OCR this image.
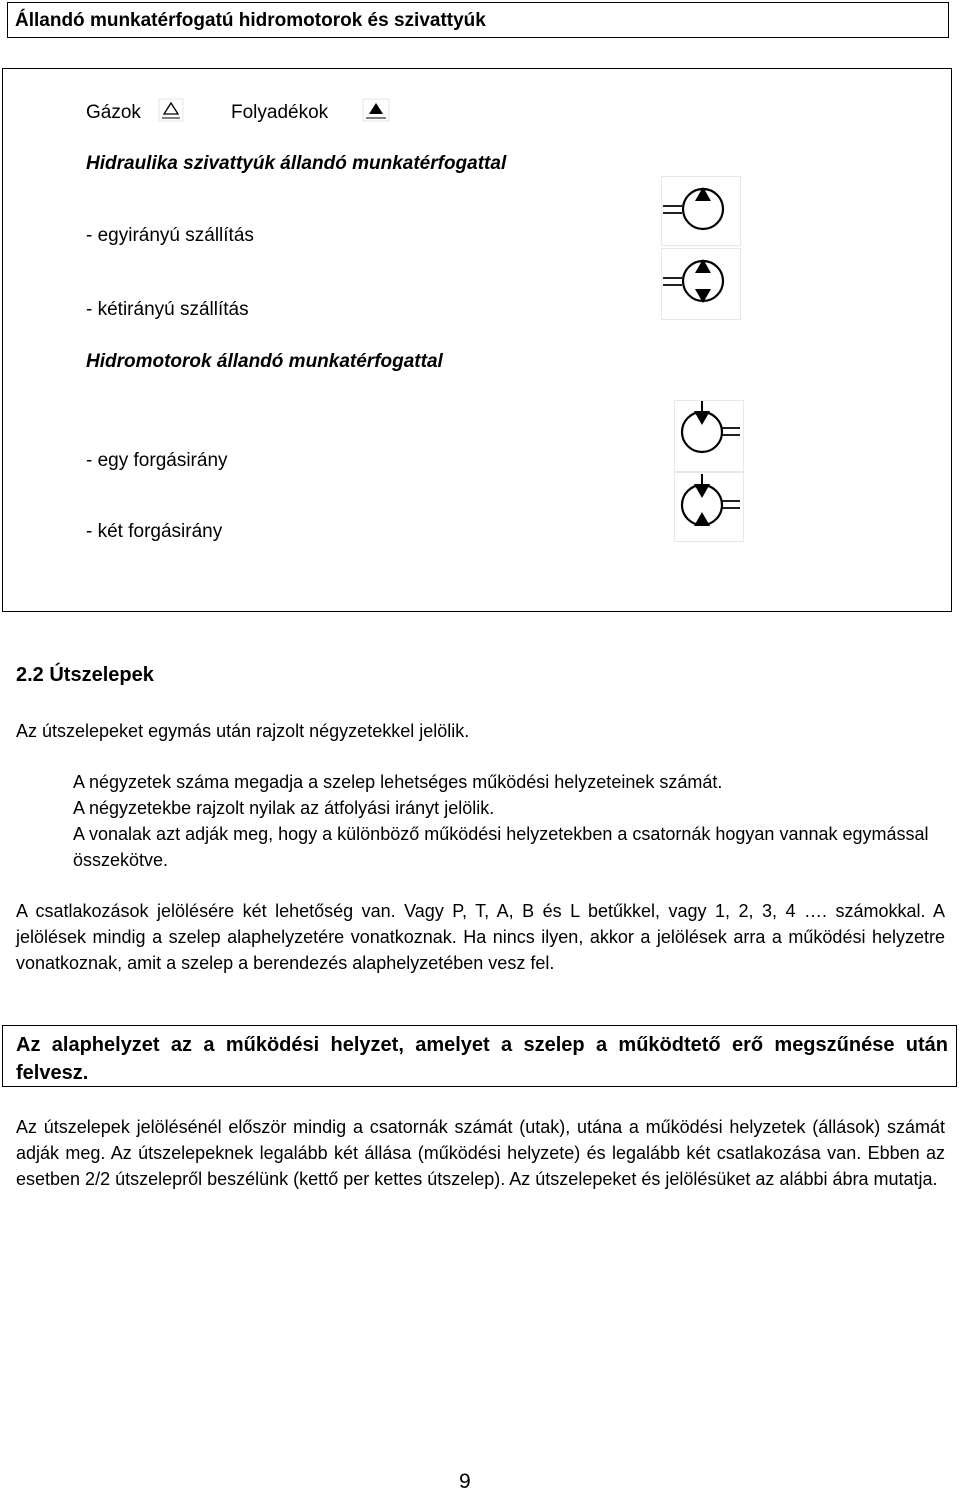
Állandó munkatérfogatú hidromotorok és szivattyúk
Gázok	Folyadékok
Hidraulika szivattyúk állandó munkatérfogattal
- egyirányú szállítás
- kétirányú szállítás
Hidromotorok állandó munkatérfogattal
- egy forgásirány
- két forgásirány
2.2 Útszelepek
Az útszelepeket egymás után rajzolt négyzetekkel jelölik.
A négyzetek száma megadja a szelep lehetséges működési helyzeteinek számát.
A négyzetekbe rajzolt nyilak az átfolyási irányt jelölik.
A vonalak azt adják meg, hogy a különböző működési helyzetekben a csatornák hogyan vannak egymással összekötve.
A csatlakozások jelölésére két lehetőség van. Vagy P, T, A, B és L betűkkel, vagy 1, 2, 3, 4 …. számokkal. A jelölések mindig a szelep alaphelyzetére vonatkoznak. Ha nincs ilyen, akkor a jelölések arra a működési helyzetre vonatkoznak, amit a szelep a berendezés alaphelyzetében vesz fel.
Az alaphelyzet az a működési helyzet, amelyet a szelep a működtető erő megszűnése után felvesz.
Az útszelepek jelölésénél először mindig a csatornák számát (utak), utána a működési helyzetek (állások) számát adják meg. Az útszelepeknek legalább két állása (működési helyzete) és legalább két csatlakozása van. Ebben az esetben 2/2 útszelepről beszélünk (kettő per kettes útszelep). Az útszelepeket és jelölésüket az alábbi ábra mutatja.
9
